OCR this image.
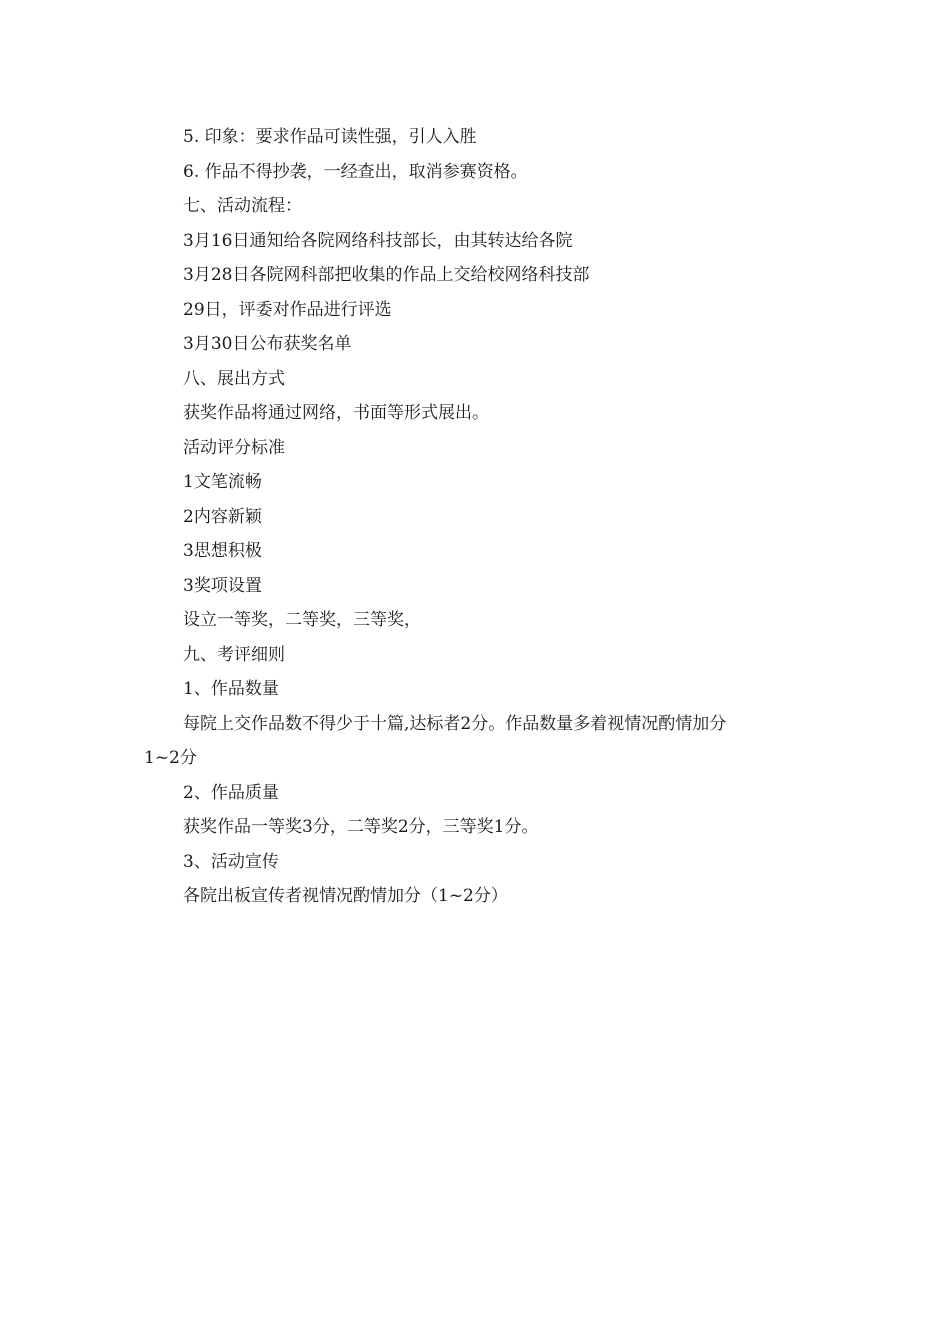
5. 印象：要求作品可读性强，引人入胜

6. 作品不得抄袭，一经查出，取消参赛资格。

七、活动流程：

3月16日通知给各院网络科技部长，由其转达给各院

3月28日各院网科部把收集的作品上交给校网络科技部

29日，评委对作品进行评选

3月30日公布获奖名单

八、展出方式

获奖作品将通过网络，书面等形式展出。

活动评分标准

1文笔流畅

2内容新颖

3思想积极

3奖项设置

设立一等奖，二等奖，三等奖，

九、考评细则

1、作品数量

每院上交作品数不得少于十篇,达标者2分。作品数量多着视情况酌情加分

1~2分

2、作品质量

获奖作品一等奖3分，二等奖2分，三等奖1分。

3、活动宣传

各院出板宣传者视情况酌情加分（1~2分）
